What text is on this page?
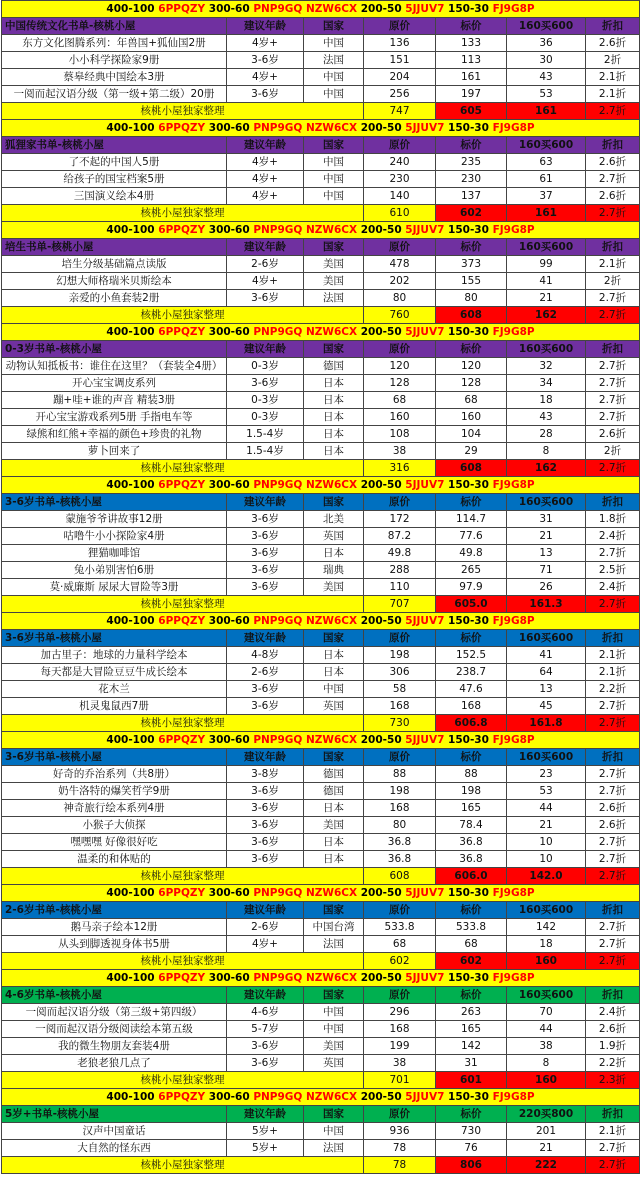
400-100 6PPQZY 300-60 PNP9GQ NZW6CX 200-50 5JJUV7 150-30 FJ9G8P						
中国传统文化书单-核桃小屋	建议年龄	国家	原价	标价	160买600	折扣
东方文化图腾系列：年兽国+狐仙国2册	4岁+	中国	136	133	36	2.6折
小小科学探险家9册	3-6岁	法国	151	113	30	2折
蔡皋经典中国绘本3册	4岁+	中国	204	161	43	2.1折
一阅而起汉语分级（第一级+第二级）20册	3-6岁	中国	256	197	53	2.1折
核桃小屋独家整理			747	605	161	2.7折
400-100 6PPQZY 300-60 PNP9GQ NZW6CX 200-50 5JJUV7 150-30 FJ9G8P						
狐狸家书单-核桃小屋	建议年龄	国家	原价	标价	160买600	折扣
了不起的中国人5册	4岁+	中国	240	235	63	2.6折
给孩子的国宝档案5册	4岁+	中国	230	230	61	2.7折
三国演义绘本4册	4岁+	中国	140	137	37	2.6折
核桃小屋独家整理			610	602	161	2.7折
400-100 6PPQZY 300-60 PNP9GQ NZW6CX 200-50 5JJUV7 150-30 FJ9G8P						
培生书单-核桃小屋	建议年龄	国家	原价	标价	160买600	折扣
培生分级基础篇点读版	2-6岁	美国	478	373	99	2.1折
幻想大师格瑞米贝斯绘本	4岁+	美国	202	155	41	2折
亲爱的小鱼套装2册	3-6岁	法国	80	80	21	2.7折
核桃小屋独家整理			760	608	162	2.7折
400-100 6PPQZY 300-60 PNP9GQ NZW6CX 200-50 5JJUV7 150-30 FJ9G8P						
0-3岁书单-核桃小屋	建议年龄	国家	原价	标价	160买600	折扣
动物认知抵板书：谁住在这里？（套装全4册）	0-3岁	德国	120	120	32	2.7折
开心宝宝调皮系列	3-6岁	日本	128	128	34	2.7折
蹦+哇+谁的声音 精装3册	0-3岁	日本	68	68	18	2.7折
开心宝宝游戏系列5册 手指电车等	0-3岁	日本	160	160	43	2.7折
绿熊和红熊+幸福的颜色+珍贵的礼物	1.5-4岁	日本	108	104	28	2.6折
萝卜回来了	1.5-4岁	日本	38	29	8	2折
核桃小屋独家整理			316	608	162	2.7折
400-100 6PPQZY 300-60 PNP9GQ NZW6CX 200-50 5JJUV7 150-30 FJ9G8P						
3-6岁书单-核桃小屋	建议年龄	国家	原价	标价	160买600	折扣
蒙施爷爷讲故事12册	3-6岁	北美	172	114.7	31	1.8折
咕噜牛小小探险家4册	3-6岁	英国	87.2	77.6	21	2.4折
狸猫咖啡馆	3-6岁	日本	49.8	49.8	13	2.7折
兔小弟别害怕6册	3-6岁	瑞典	288	265	71	2.5折
莫·威廉斯 尿尿大冒险等3册	3-6岁	美国	110	97.9	26	2.4折
核桃小屋独家整理			707	605.0	161.3	2.7折
400-100 6PPQZY 300-60 PNP9GQ NZW6CX 200-50 5JJUV7 150-30 FJ9G8P						
3-6岁书单-核桃小屋	建议年龄	国家	原价	标价	160买600	折扣
加古里子：地球的力量科学绘本	4-8岁	日本	198	152.5	41	2.1折
每天都是大冒险豆豆牛成长绘本	2-6岁	日本	306	238.7	64	2.1折
花木兰	3-6岁	中国	58	47.6	13	2.2折
机灵鬼鼠西7册	3-6岁	英国	168	168	45	2.7折
核桃小屋独家整理			730	606.8	161.8	2.7折
400-100 6PPQZY 300-60 PNP9GQ NZW6CX 200-50 5JJUV7 150-30 FJ9G8P						
3-6岁书单-核桃小屋	建议年龄	国家	原价	标价	160买600	折扣
好奇的乔治系列（共8册）	3-8岁	德国	88	88	23	2.7折
奶牛洛特的爆笑哲学9册	3-6岁	德国	198	198	53	2.7折
神奇旅行绘本系列4册	3-6岁	日本	168	165	44	2.6折
小猴子大侦探	3-6岁	美国	80	78.4	21	2.6折
嘿嘿嘿 好像很好吃	3-6岁	日本	36.8	36.8	10	2.7折
温柔的和体贴的	3-6岁	日本	36.8	36.8	10	2.7折
核桃小屋独家整理			608	606.0	142.0	2.7折
400-100 6PPQZY 300-60 PNP9GQ NZW6CX 200-50 5JJUV7 150-30 FJ9G8P						
2-6岁书单-核桃小屋	建议年龄	国家	原价	标价	160买600	折扣
鹅马亲子绘本12册	2-6岁	中国台湾	533.8	533.8	142	2.7折
从头到脚透视身体书5册	4岁+	法国	68	68	18	2.7折
核桃小屋独家整理			602	602	160	2.7折
400-100 6PPQZY 300-60 PNP9GQ NZW6CX 200-50 5JJUV7 150-30 FJ9G8P						
4-6岁书单-核桃小屋	建议年龄	国家	原价	标价	160买600	折扣
一阅而起汉语分级（第三级+第四级）	4-6岁	中国	296	263	70	2.4折
一阅而起汉语分级阅读绘本第五级	5-7岁	中国	168	165	44	2.6折
我的微生物朋友套装4册	3-6岁	美国	199	142	38	1.9折
老狼老狼几点了	3-6岁	英国	38	31	8	2.2折
核桃小屋独家整理			701	601	160	2.3折
400-100 6PPQZY 300-60 PNP9GQ NZW6CX 200-50 5JJUV7 150-30 FJ9G8P						
5岁+书单-核桃小屋	建议年龄	国家	原价	标价	220买800	折扣
汉声中国童话	5岁+	中国	936	730	201	2.1折
大自然的怪东西	5岁+	法国	78	76	21	2.7折
核桃小屋独家整理			78	806	222	2.7折
